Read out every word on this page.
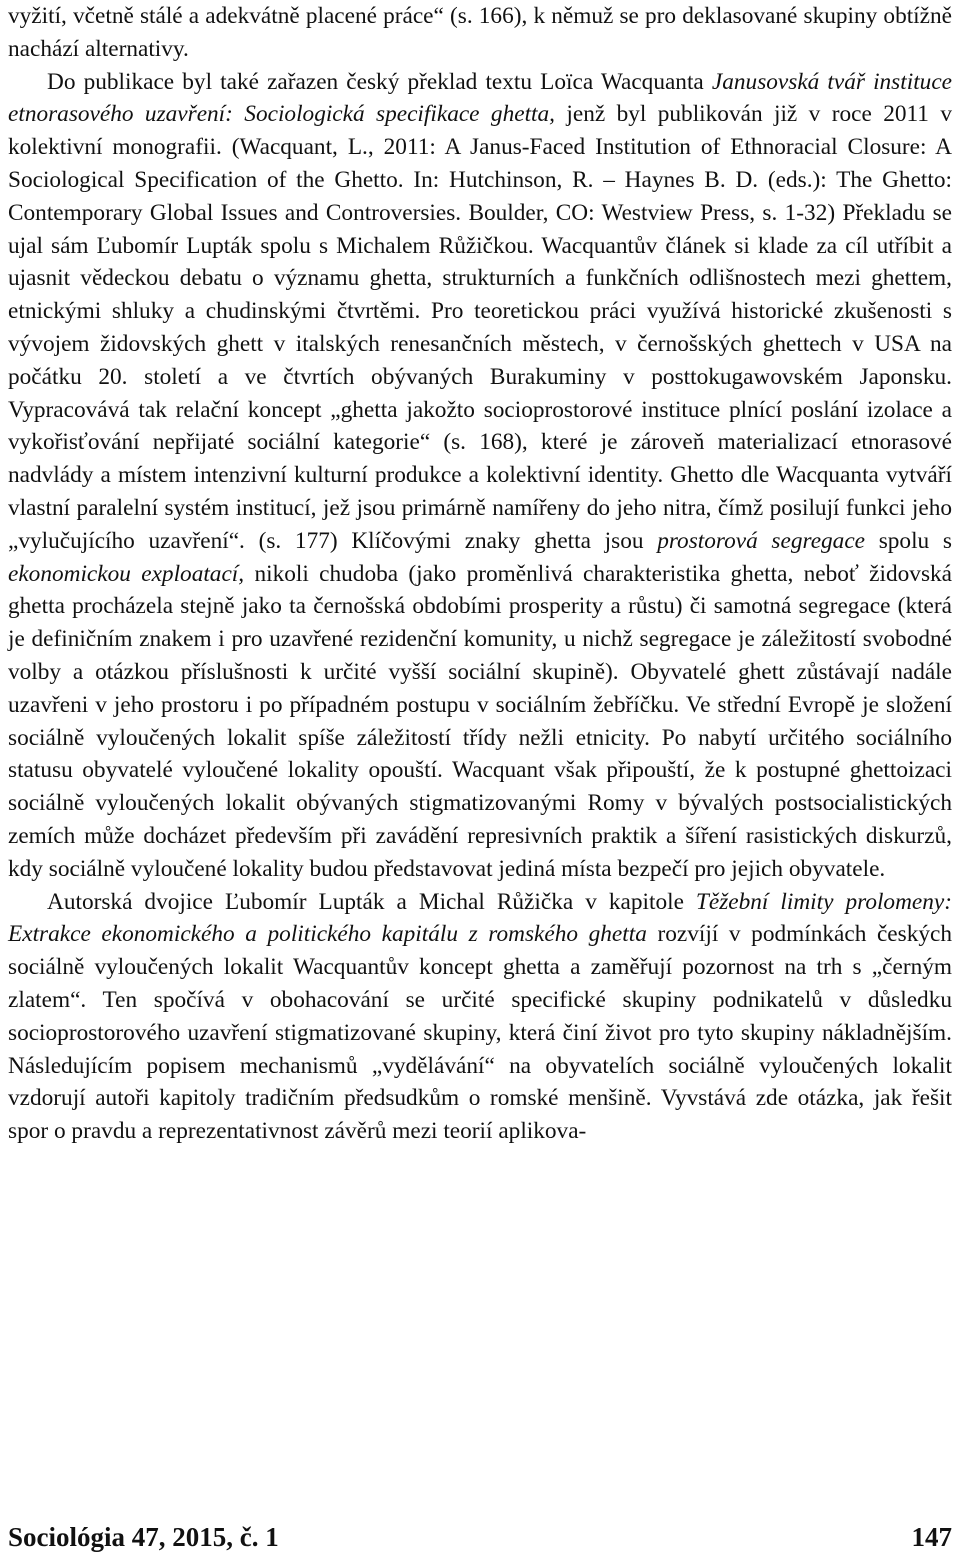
vyžití, včetně stálé a adekvátně placené práce“ (s. 166), k němuž se pro deklasované skupiny obtížně nachází alternativy.

Do publikace byl také zařazen český překlad textu Loïca Wacquanta Janusovská tvář instituce etnorasového uzavření: Sociologická specifikace ghetta, jenž byl publikován již v roce 2011 v kolektivní monografii. (Wacquant, L., 2011: A Janus-Faced Institution of Ethnoracial Closure: A Sociological Specification of the Ghetto. In: Hutchinson, R. – Haynes B. D. (eds.): The Ghetto: Contemporary Global Issues and Controversies. Boulder, CO: Westview Press, s. 1-32) Překladu se ujal sám Ľubomír Lupták spolu s Michalem Růžičkou. Wacquantův článek si klade za cíl utříbit a ujasnit vědeckou debatu o významu ghetta, strukturních a funkčních odlišnostech mezi ghettem, etnickými shluky a chudinskými čtvrtěmi. Pro teoretickou práci využívá historické zkušenosti s vývojem židovských ghett v italských renesančních městech, v černošských ghettech v USA na počátku 20. století a ve čtvrtích obývaných Burakuminy v posttokugawovském Japonsku. Vypracovává tak relační koncept „ghetta jakožto socioprostorové instituce plnící poslání izolace a vykořisťování nepřijaté sociální kategorie“ (s. 168), které je zároveň materializací etnorasové nadvlády a místem intenzivní kulturní produkce a kolektivní identity. Ghetto dle Wacquanta vytváří vlastní paralelní systém institucí, jež jsou primárně namířeny do jeho nitra, čímž posilují funkci jeho „vylučujícího uzavření“. (s. 177) Klíčovými znaky ghetta jsou prostorová segregace spolu s ekonomickou exploatací, nikoli chudoba (jako proměnlivá charakteristika ghetta, neboť židovská ghetta procházela stejně jako ta černošská obdobími prosperity a růstu) či samotná segregace (která je definičním znakem i pro uzavřené rezidenční komunity, u nichž segregace je záležitostí svobodné volby a otázkou příslušnosti k určité vyšší sociální skupině). Obyvatelé ghett zůstávají nadále uzavřeni v jeho prostoru i po případném postupu v sociálním žebříčku. Ve střední Evropě je složení sociálně vyloučených lokalit spíše záležitostí třídy nežli etnicity. Po nabytí určitého sociálního statusu obyvatelé vyloučené lokality opouští. Wacquant však připouští, že k postupné ghettoizaci sociálně vyloučených lokalit obývaných stigmatizovanými Romy v bývalých postsocialistických zemích může docházet především při zavádění represivních praktik a šíření rasistických diskurzů, kdy sociálně vyloučené lokality budou představovat jediná místa bezpečí pro jejich obyvatele.

Autorská dvojice Ľubomír Lupták a Michal Růžička v kapitole Těžební limity prolomeny: Extrakce ekonomického a politického kapitálu z romského ghetta rozvíjí v podmínkách českých sociálně vyloučených lokalit Wacquantův koncept ghetta a zaměřují pozornost na trh s „černým zlatem“. Ten spočívá v obohacování se určité specifické skupiny podnikatelů v důsledku socioprostorového uzavření stigmatizované skupiny, která činí život pro tyto skupiny nákladnějším. Následujícím popisem mechanismů „vydělávání“ na obyvatelích sociálně vyloučených lokalit vzdorují autoři kapitoly tradičním předsudkům o romské menšině. Vyvstává zde otázka, jak řešit spor o pravdu a reprezentativnost závěrů mezi teorií aplikova-

Sociológia 47, 2015, č. 1	147
